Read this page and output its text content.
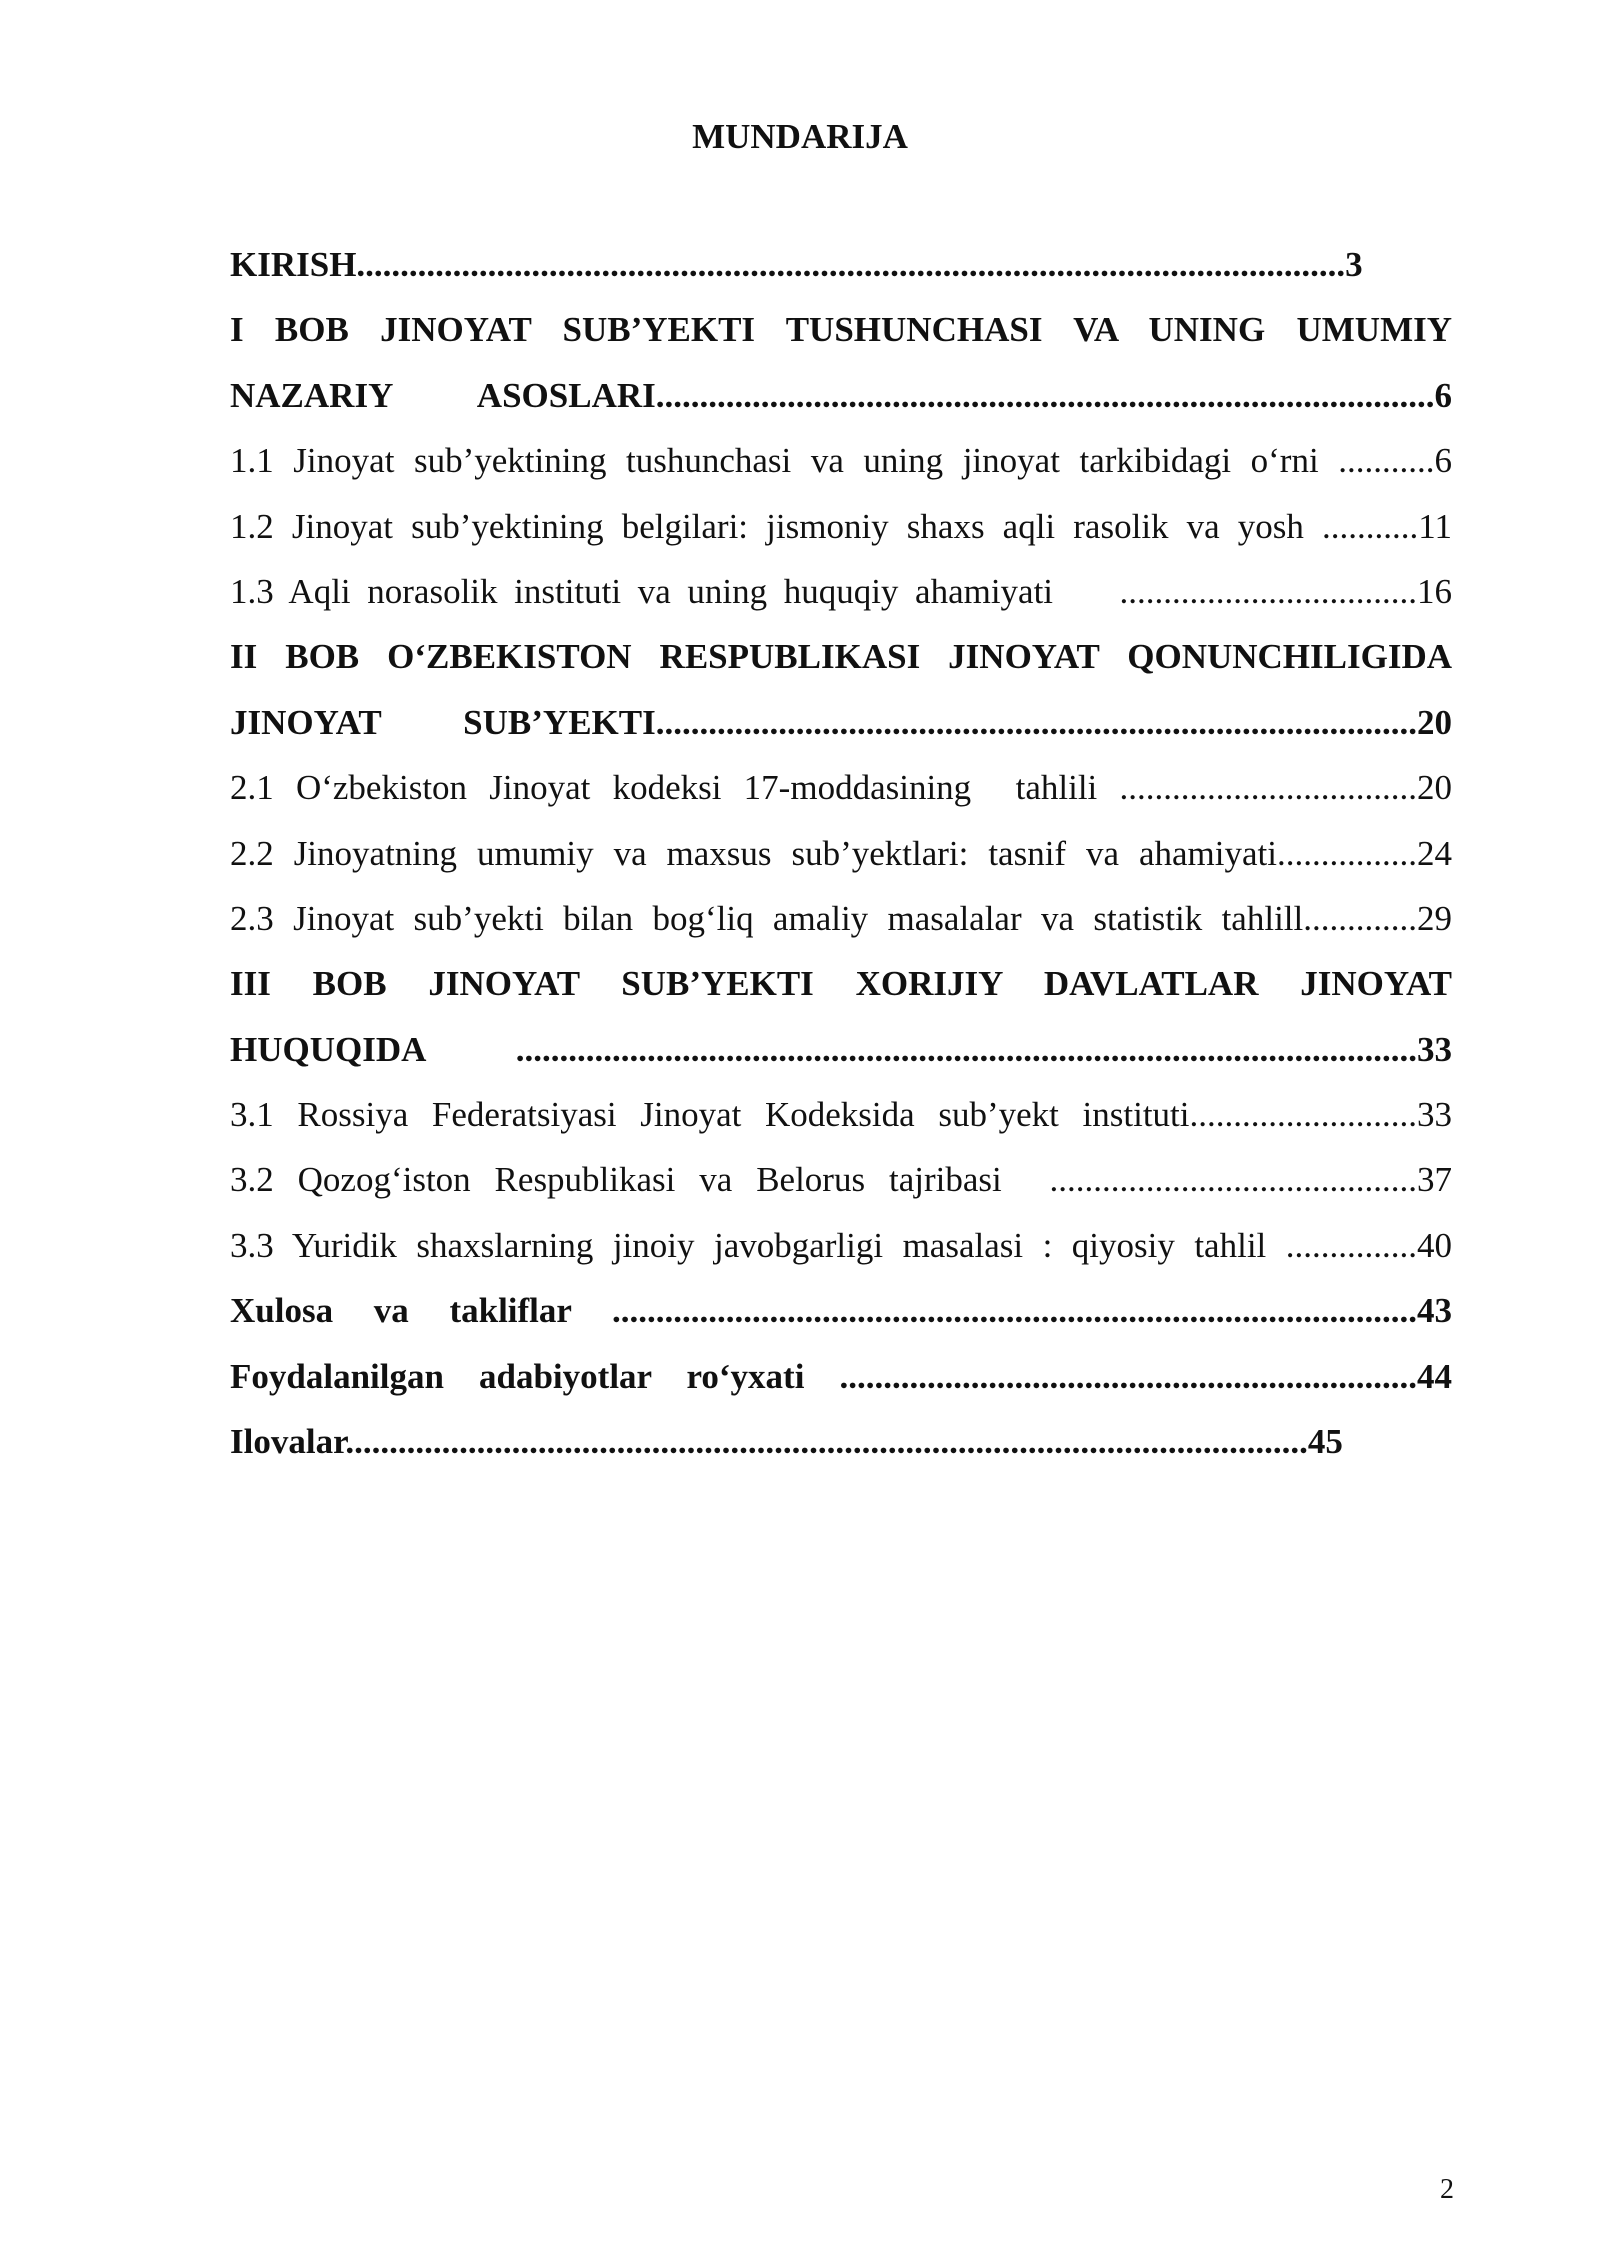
MUNDARIJA
KIRISH.................................................................................................................3
I BOB JINOYAT SUB’YEKTI TUSHUNCHASI VA UNING UMUMIY
NAZARIY ASOSLARI.........................................................................................6
1.1 Jinoyat sub’yektining tushunchasi va uning jinoyat tarkibidagi o‘rni ...........6
1.2 Jinoyat sub’yektining belgilari: jismoniy shaxs aqli rasolik va yosh ...........11
1.3 Aqli norasolik instituti va uning huquqiy ahamiyati    ..................................16
II BOB O‘ZBEKISTON RESPUBLIKASI JINOYAT QONUNCHILIGIDA
JINOYAT SUB’YEKTI.......................................................................................20
2.1 O‘zbekiston Jinoyat kodeksi 17-moddasining  tahlili ..................................20
2.2 Jinoyatning umumiy va maxsus sub’yektlari: tasnif va ahamiyati................24
2.3 Jinoyat sub’yekti bilan bog‘liq amaliy masalalar va statistik tahlill.............29
III BOB JINOYAT SUB’YEKTI XORIJIY DAVLATLAR JINOYAT
HUQUQIDA .......................................................................................................33
3.1 Rossiya Federatsiyasi Jinoyat Kodeksida sub’yekt instituti..........................33
3.2 Qozog‘iston Respublikasi va Belorus tajribasi  ..........................................37
3.3 Yuridik shaxslarning jinoiy javobgarligi masalasi : qiyosiy tahlil ...............40
Xulosa va takliflar ............................................................................................43
Foydalanilgan adabiyotlar ro‘yxati ..................................................................44
Ilovalar..............................................................................................................45
2
